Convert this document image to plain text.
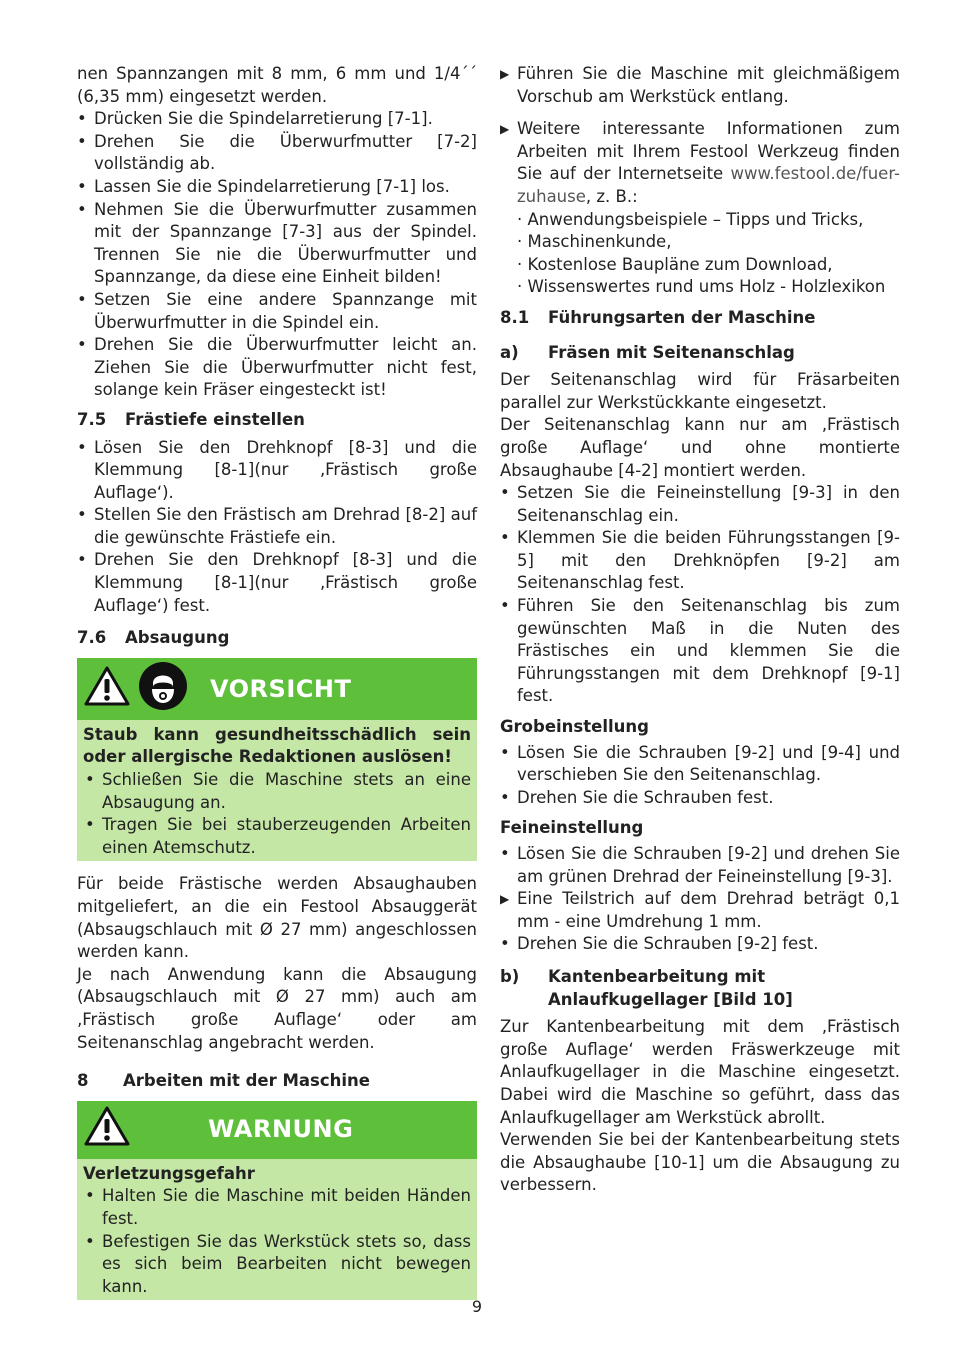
nen Spannzangen mit 8 mm, 6 mm und 1/4´´ (6,35 mm) eingesetzt werden.

• Drücken Sie die Spindelarretierung [7-1].
• Drehen Sie die Überwurfmutter [7-2] vollständig ab.
• Lassen Sie die Spindelarretierung [7-1] los.
• Nehmen Sie die Überwurfmutter zusammen mit der Spannzange [7-3] aus der Spindel. Trennen Sie nie die Überwurfmutter und Spannzange, da diese eine Einheit bilden!
• Setzen Sie eine andere Spannzange mit Überwurfmutter in die Spindel ein.
• Drehen Sie die Überwurfmutter leicht an. Ziehen Sie die Überwurfmutter nicht fest, solange kein Fräser eingesteckt ist!
7.5	Frästiefe einstellen
• Lösen Sie den Drehknopf [8-3] und die Klemmung [8-1](nur ‚Frästisch große Auflage‘).
• Stellen Sie den Frästisch am Drehrad [8-2] auf die gewünschte Frästiefe ein.
• Drehen Sie den Drehknopf [8-3] und die Klemmung [8-1](nur ‚Frästisch große Auflage‘) fest.
7.6	Absaugung
VORSICHT

Staub kann gesundheitsschädlich sein oder allergische Redaktionen auslösen!

• Schließen Sie die Maschine stets an eine Absaugung an.
• Tragen Sie bei stauberzeugenden Arbeiten einen Atemschutz.

Für beide Frästische werden Absaughauben mitgeliefert, an die ein Festool Absauggerät (Absaugschlauch mit Ø 27 mm) angeschlossen werden kann.

Je nach Anwendung kann die Absaugung (Absaugschlauch mit Ø 27 mm) auch am ‚Frästisch große Auflage‘ oder am Seitenanschlag angebracht werden.

8	Arbeiten mit der Maschine
WARNUNG

Verletzungsgefahr

• Halten Sie die Maschine mit beiden Händen fest.
• Befestigen Sie das Werkstück stets so, dass es sich beim Bearbeiten nicht bewegen kann.
▶ Führen Sie die Maschine mit gleichmäßigem Vorschub am Werkstück entlang.
▶ Weitere interessante Informationen zum Arbeiten mit Ihrem Festool Werkzeug finden Sie auf der Internetseite www.festool.de/fuer-zuhause, z. B.:

· Anwendungsbeispiele – Tipps und Tricks,

· Maschinenkunde,

· Kostenlose Baupläne zum Download,

· Wissenswertes rund ums Holz - Holzlexikon

8.1	Führungsarten der Maschine
a)	Fräsen mit Seitenanschlag

Der Seitenanschlag wird für Fräsarbeiten parallel zur Werkstückkante eingesetzt.

Der Seitenanschlag kann nur am ‚Frästisch große Auflage‘ und ohne montierte Absaughaube [4-2] montiert werden.

• Setzen Sie die Feineinstellung [9-3] in den Seitenanschlag ein.
• Klemmen Sie die beiden Führungsstangen [9-5] mit den Drehknöpfen [9-2] am Seitenanschlag fest.
• Führen Sie den Seitenanschlag bis zum gewünschten Maß in die Nuten des Frästisches ein und klemmen Sie die Führungsstangen mit dem Drehknopf [9-1] fest.

Grobeinstellung

• Lösen Sie die Schrauben [9-2] und [9-4] und verschieben Sie den Seitenanschlag.
• Drehen Sie die Schrauben fest.

Feineinstellung

• Lösen Sie die Schrauben [9-2] und drehen Sie am grünen Drehrad der Feineinstellung [9-3].
▶ Eine Teilstrich auf dem Drehrad beträgt 0,1 mm - eine Umdrehung 1 mm.
• Drehen Sie die Schrauben [9-2] fest.
b)	Kantenbearbeitung mit Anlaufkugellager [Bild 10]

Zur Kantenbearbeitung mit dem ‚Frästisch große Auflage‘ werden Fräswerkzeuge mit Anlaufkugellager in die Maschine eingesetzt. Dabei wird die Maschine so geführt, dass das Anlaufkugellager am Werkstück abrollt.

Verwenden Sie bei der Kantenbearbeitung stets die Absaughaube [10-1] um die Absaugung zu verbessern.

9
